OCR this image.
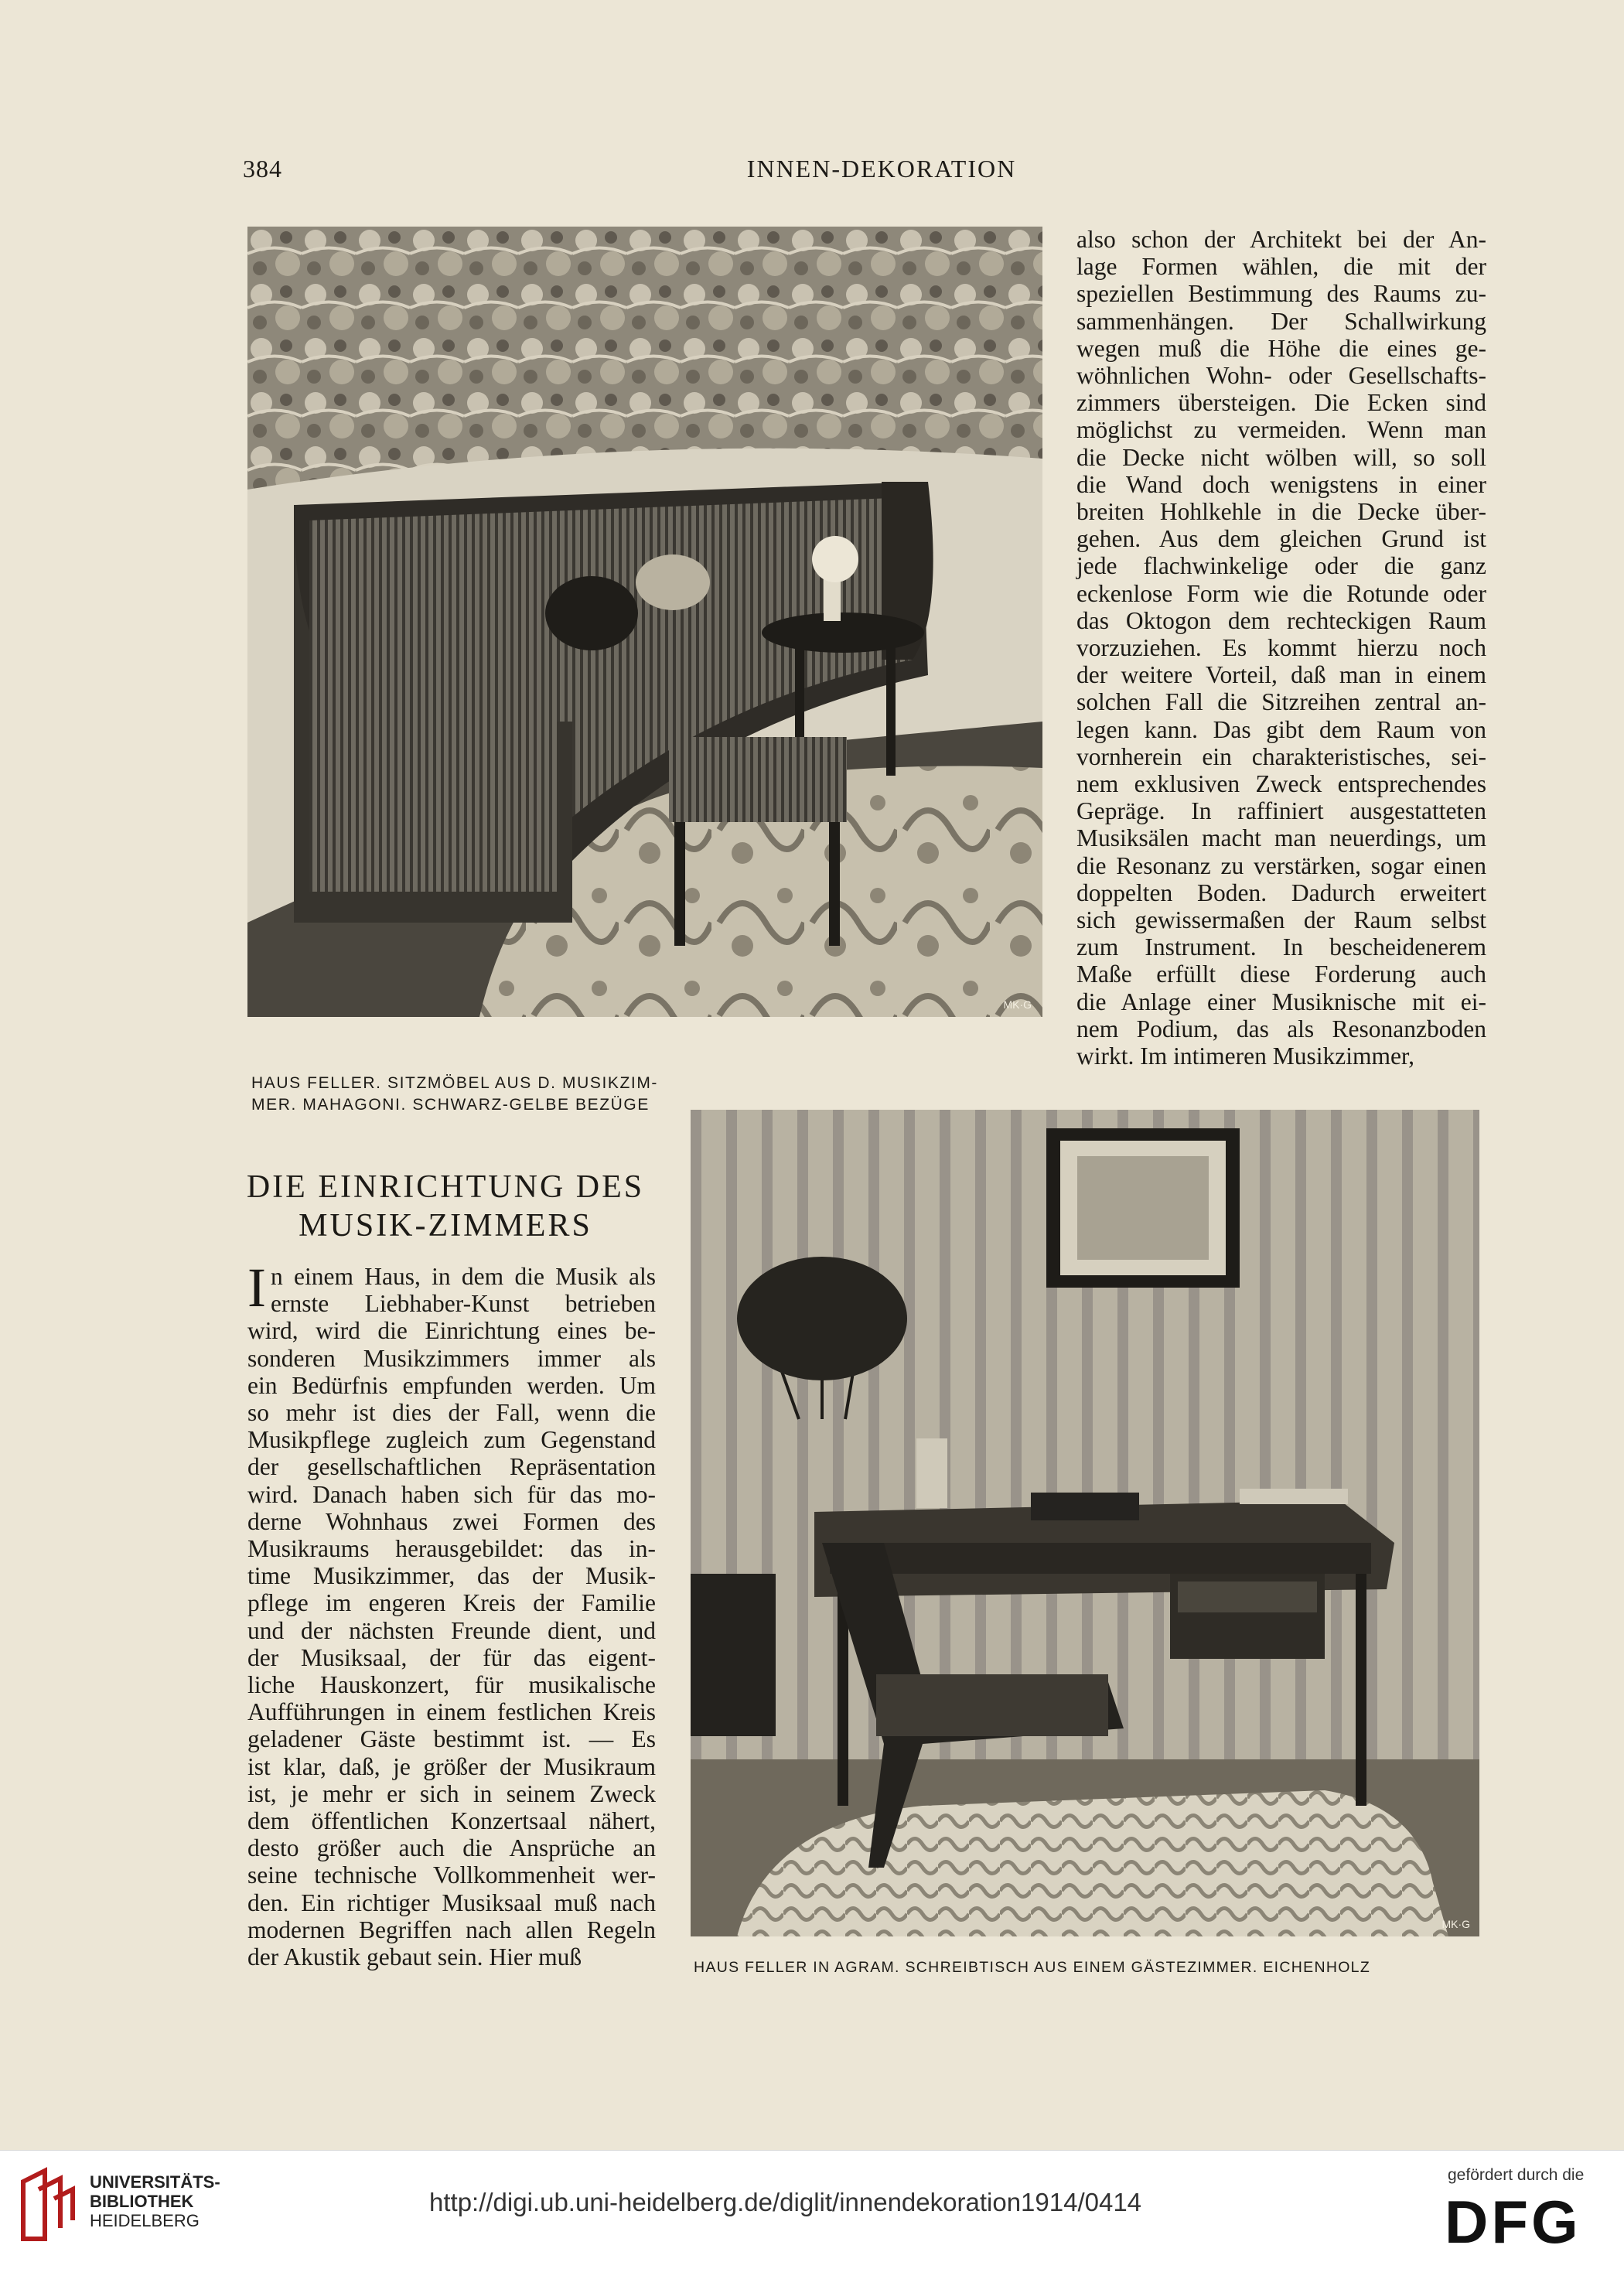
384	INNEN-DEKORATION
MK·G
HAUS FELLER. SITZMÖBEL AUS D. MUSIKZIM-
MER. MAHAGONI. SCHWARZ-GELBE BEZÜGE
also schon der Architekt bei der An-
lage Formen wählen, die mit der
speziellen Bestimmung des Raums zu-
sammenhängen. Der Schallwirkung
wegen muß die Höhe die eines ge-
wöhnlichen Wohn- oder Gesellschafts-
zimmers übersteigen. Die Ecken sind
möglichst zu vermeiden. Wenn man
die Decke nicht wölben will, so soll
die Wand doch wenigstens in einer
breiten Hohlkehle in die Decke über-
gehen. Aus dem gleichen Grund ist
jede flachwinkelige oder die ganz
eckenlose Form wie die Rotunde oder
das Oktogon dem rechteckigen Raum
vorzuziehen. Es kommt hierzu noch
der weitere Vorteil, daß man in einem
solchen Fall die Sitzreihen zentral an-
legen kann. Das gibt dem Raum von
vornherein ein charakteristisches, sei-
nem exklusiven Zweck entsprechendes
Gepräge. In raffiniert ausgestatteten
Musiksälen macht man neuerdings, um
die Resonanz zu verstärken, sogar einen
doppelten Boden. Dadurch erweitert
sich gewissermaßen der Raum selbst
zum Instrument. In bescheidenerem
Maße erfüllt diese Forderung auch
die Anlage einer Musiknische mit ei-
nem Podium, das als Resonanzboden
wirkt. Im intimeren Musikzimmer,
DIE EINRICHTUNG DES
MUSIK-ZIMMERS
I n einem Haus, in dem die Musik als
ernste Liebhaber-Kunst betrieben
wird, wird die Einrichtung eines be-
sonderen Musikzimmers immer als
ein Bedürfnis empfunden werden. Um
so mehr ist dies der Fall, wenn die
Musikpflege zugleich zum Gegenstand
der gesellschaftlichen Repräsentation
wird. Danach haben sich für das mo-
derne Wohnhaus zwei Formen des
Musikraums herausgebildet: das in-
time Musikzimmer, das der Musik-
pflege im engeren Kreis der Familie
und der nächsten Freunde dient, und
der Musiksaal, der für das eigent-
liche Hauskonzert, für musikalische
Aufführungen in einem festlichen Kreis
geladener Gäste bestimmt ist. — Es
ist klar, daß, je größer der Musikraum
ist, je mehr er sich in seinem Zweck
dem öffentlichen Konzertsaal nähert,
desto größer auch die Ansprüche an
seine technische Vollkommenheit wer-
den. Ein richtiger Musiksaal muß nach
modernen Begriffen nach allen Regeln
der Akustik gebaut sein. Hier muß
MK·G
HAUS FELLER IN AGRAM. SCHREIBTISCH AUS EINEM GÄSTEZIMMER. EICHENHOLZ
UNIVERSITÄTS-
BIBLIOTHEK
HEIDELBERG
http://digi.ub.uni-heidelberg.de/diglit/innendekoration1914/0414
gefördert durch die
DFG
